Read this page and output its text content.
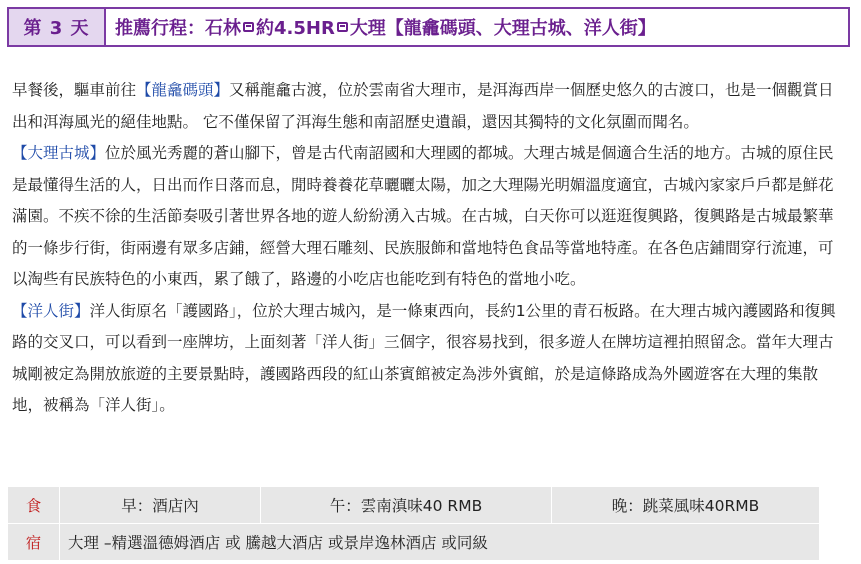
第 3 天	推薦行程：石林 約4.5HR 大理【龍龕碼頭、大理古城、洋人街】

早餐後，驅車前往【龍龕碼頭】又稱龍龕古渡，位於雲南省大理市，是洱海西岸一個歷史悠久的古渡口，也是一個觀賞日出和洱海風光的絕佳地點。 它不僅保留了洱海生態和南詔歷史遺韻，還因其獨特的文化氛圍而聞名。

【大理古城】位於風光秀麗的蒼山腳下，曾是古代南詔國和大理國的都城。大理古城是個適合生活的地方。古城的原住民是最懂得生活的人，日出而作日落而息，閒時養養花草曬曬太陽，加之大理陽光明媚溫度適宜，古城內家家戶戶都是鮮花滿園。不疾不徐的生活節奏吸引著世界各地的遊人紛紛湧入古城。在古城，白天你可以逛逛復興路，復興路是古城最繁華的一條步行街，街兩邊有眾多店鋪，經營大理石雕刻、民族服飾和當地特色食品等當地特產。在各色店鋪間穿行流連，可以淘些有民族特色的小東西，累了餓了，路邊的小吃店也能吃到有特色的當地小吃。

【洋人街】洋人街原名「護國路」，位於大理古城內，是一條東西向，長約1公里的青石板路。在大理古城內護國路和復興路的交叉口，可以看到一座牌坊，上面刻著「洋人街」三個字，很容易找到，很多遊人在牌坊這裡拍照留念。當年大理古城剛被定為開放旅遊的主要景點時，護國路西段的紅山茶賓館被定為涉外賓館，於是這條路成為外國遊客在大理的集散地，被稱為「洋人街」。

食	早：酒店內	午：雲南滇味40 RMB	晚：跳菜風味40RMB
宿	大理 –精選溫德姆酒店 或 騰越大酒店 或景岸逸林酒店 或同級		
